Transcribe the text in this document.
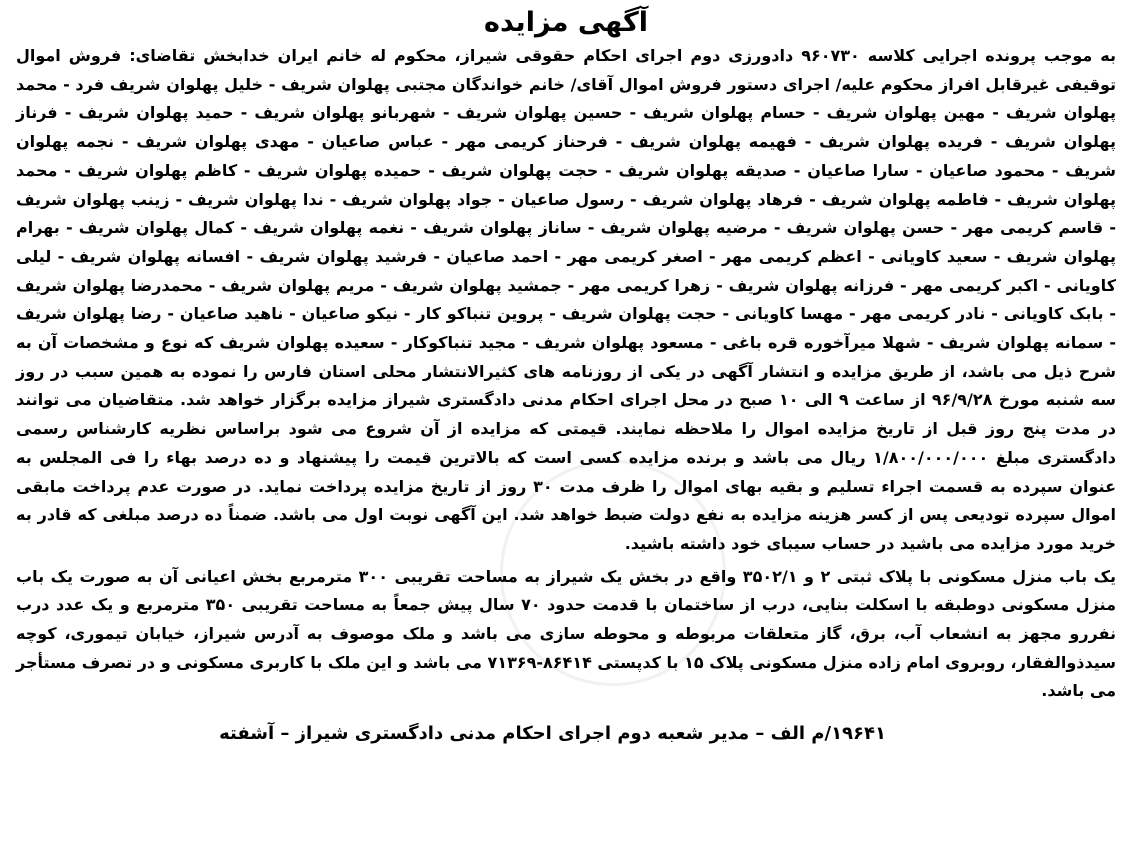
آگهی مزایده

به موجب پرونده اجرایی کلاسه ۹۶۰۷۳۰ دادورزی دوم اجرای احکام حقوقی شیراز، محکوم له خانم ایران خدابخش تقاضای: فروش اموال توقیفی غیرقابل افراز محکوم علیه/ اجرای دستور فروش اموال آقای/ خانم خواندگان مجتبی پهلوان شریف - خلیل پهلوان شریف فرد - محمد پهلوان شریف - مهین پهلوان شریف - حسام پهلوان شریف - حسین پهلوان شریف - شهربانو پهلوان شریف - حمید پهلوان شریف - فرناز پهلوان شریف - فریده پهلوان شریف - فهیمه پهلوان شریف - فرحناز کریمی مهر - عباس صاعیان - مهدی پهلوان شریف - نجمه پهلوان شریف - محمود صاعیان - سارا صاعیان - صدیقه پهلوان شریف - حجت پهلوان شریف - حمیده پهلوان شریف - کاظم پهلوان شریف - محمد پهلوان شریف - فاطمه پهلوان شریف - فرهاد پهلوان شریف - رسول صاعیان - جواد پهلوان شریف - ندا پهلوان شریف - زینب پهلوان شریف - قاسم کریمی مهر - حسن پهلوان شریف - مرضیه پهلوان شریف - ساناز پهلوان شریف - نغمه پهلوان شریف - کمال پهلوان شریف - بهرام پهلوان شریف - سعید کاویانی - اعظم کریمی مهر - اصغر کریمی مهر - احمد صاعیان - فرشید پهلوان شریف - افسانه پهلوان شریف - لیلی کاویانی - اکبر کریمی مهر - فرزانه پهلوان شریف - زهرا کریمی مهر - جمشید پهلوان شریف - مریم پهلوان شریف - محمدرضا پهلوان شریف - بابک کاویانی - نادر کریمی مهر - مهسا کاویانی - حجت پهلوان شریف - پروین تنباکو کار - نیکو صاعیان - ناهید صاعیان - رضا پهلوان شریف - سمانه پهلوان شریف - شهلا میرآخوره قره باغی - مسعود پهلوان شریف - مجید تنباکوکار - سعیده پهلوان شریف که نوع و مشخصات آن به شرح ذیل می باشد، از طریق مزایده و انتشار آگهی در یکی از روزنامه های کثیرالانتشار محلی استان فارس را نموده به همین سبب در روز سه شنبه مورخ ۹۶/۹/۲۸ از ساعت ۹ الی ۱۰ صبح در محل اجرای احکام مدنی دادگستری شیراز مزایده برگزار خواهد شد. متقاضیان می توانند در مدت پنج روز قبل از تاریخ مزایده اموال را ملاحظه نمایند. قیمتی که مزایده از آن شروع می شود براساس نظریه کارشناس رسمی دادگستری مبلغ ۱/۸۰۰/۰۰۰/۰۰۰ ریال می باشد و برنده مزایده کسی است که بالاترین قیمت را پیشنهاد و ده درصد بهاء را فی المجلس به عنوان سپرده به قسمت اجراء تسلیم و بقیه بهای اموال را ظرف مدت ۳۰ روز از تاریخ مزایده پرداخت نماید. در صورت عدم پرداخت مابقی اموال سپرده تودیعی پس از کسر هزینه مزایده به نفع دولت ضبط خواهد شد. این آگهی نوبت اول می باشد. ضمناً ده درصد مبلغی که قادر به خرید مورد مزایده می باشید در حساب سیبای خود داشته باشید.

یک باب منزل مسکونی با پلاک ثبتی ۲ و ۳۵۰۲/۱ واقع در بخش یک شیراز به مساحت تقریبی ۳۰۰ مترمربع بخش اعیانی آن به صورت یک باب منزل مسکونی دوطبقه با اسکلت بنایی، درب از ساختمان با قدمت حدود ۷۰ سال پیش جمعاً به مساحت تقریبی ۳۵۰ مترمربع و یک عدد درب نفررو مجهز به انشعاب آب، برق، گاز متعلقات مربوطه و محوطه سازی می باشد و ملک موصوف به آدرس شیراز، خیابان تیموری، کوچه سیدذوالفقار، روبروی امام زاده منزل مسکونی پلاک ۱۵ با کدپستی ۸۶۴۱۴-۷۱۳۶۹ می باشد و این ملک با کاربری مسکونی و در تصرف مستأجر می باشد.

۱۹۶۴۱/م الف – مدیر شعبه دوم اجرای احکام مدنی دادگستری شیراز – آشفته
